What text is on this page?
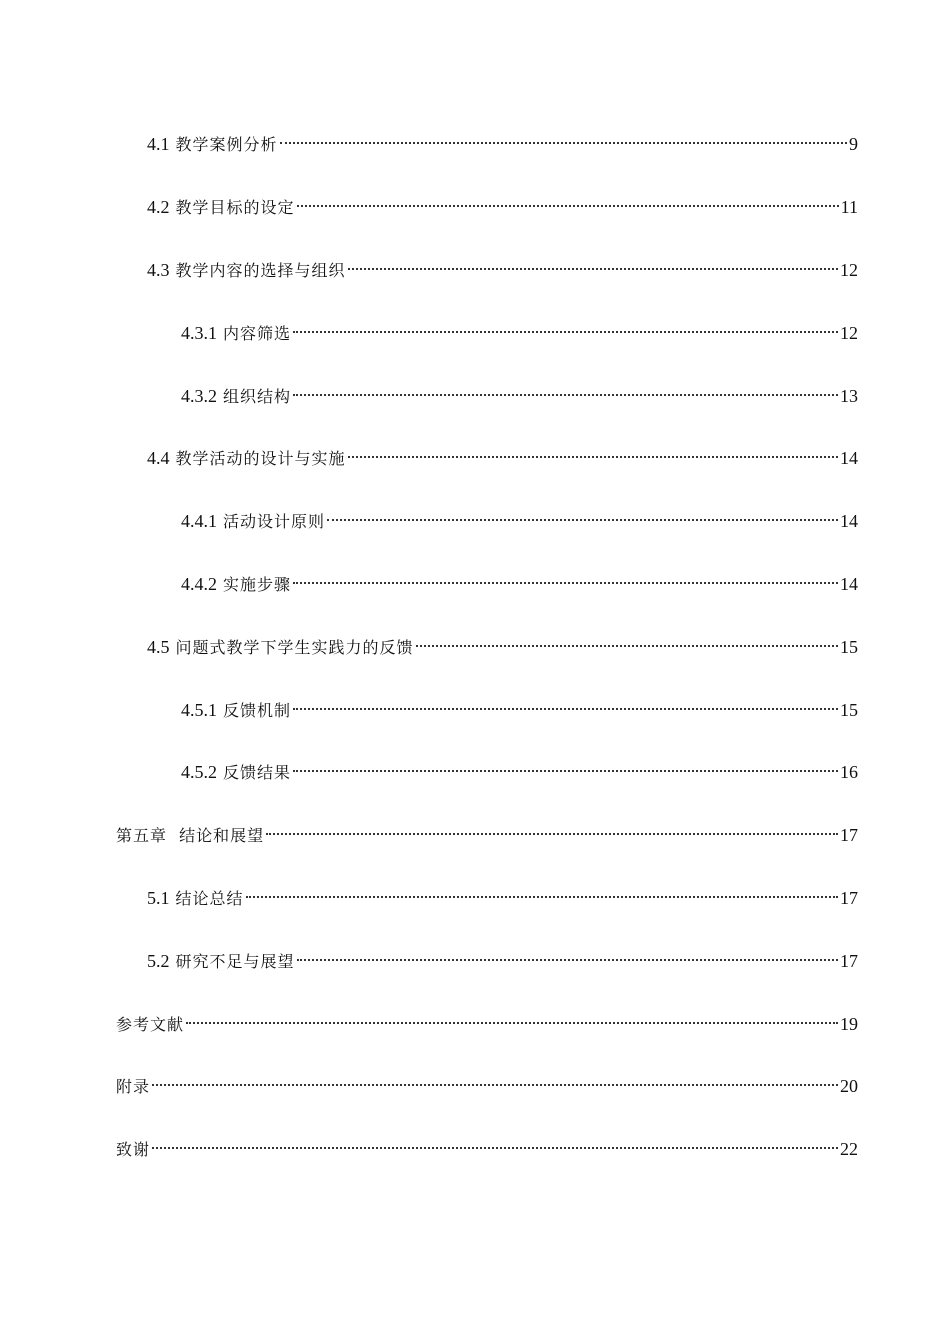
4.1 教学案例分析	9
4.2 教学目标的设定	11
4.3 教学内容的选择与组织	12
4.3.1 内容筛选	12
4.3.2 组织结构	13
4.4 教学活动的设计与实施	14
4.4.1 活动设计原则	14
4.4.2 实施步骤	14
4.5 问题式教学下学生实践力的反馈	15
4.5.1 反馈机制	15
4.5.2 反馈结果	16
第五章  结论和展望	17
5.1 结论总结	17
5.2 研究不足与展望	17
参考文献	19
附录	20
致谢	22
